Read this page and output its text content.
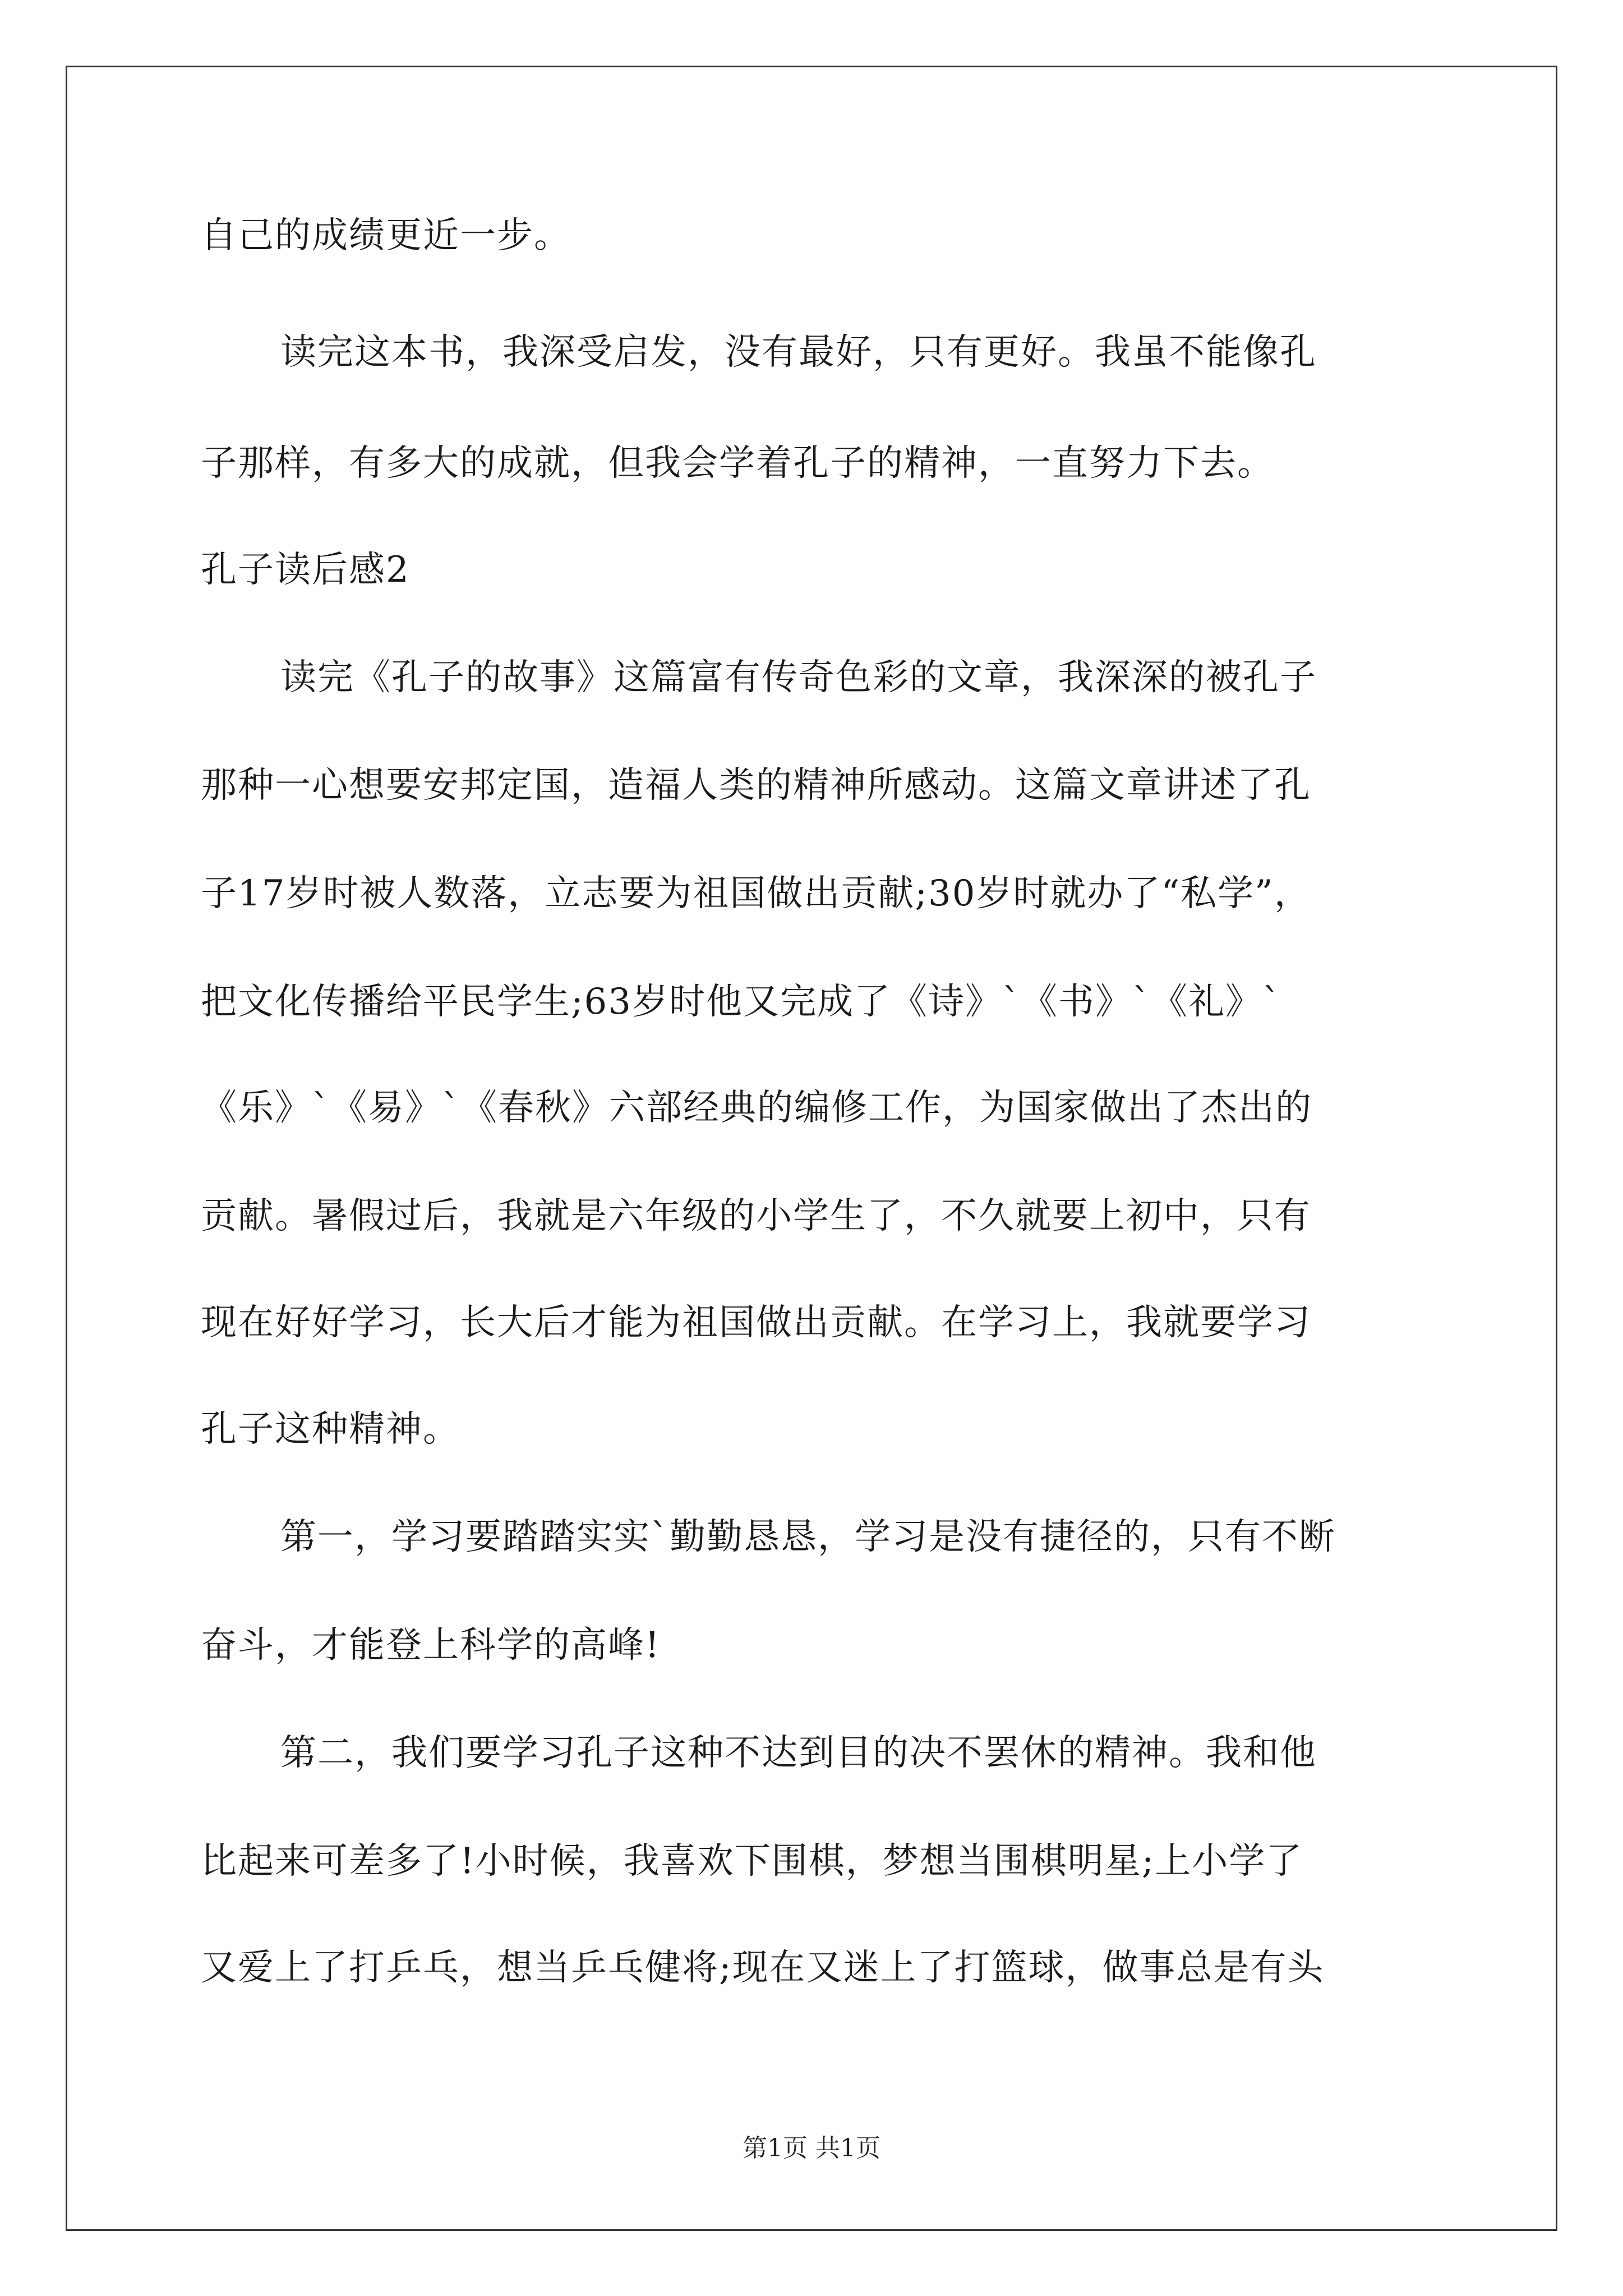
自己的成绩更近一步。
读完这本书，我深受启发，没有最好，只有更好。我虽不能像孔
子那样，有多大的成就，但我会学着孔子的精神，一直努力下去。
孔子读后感2
读完《孔子的故事》这篇富有传奇色彩的文章，我深深的被孔子
那种一心想要安邦定国，造福人类的精神所感动。这篇文章讲述了孔
子17岁时被人数落，立志要为祖国做出贡献;30岁时就办了“私学”，
把文化传播给平民学生;63岁时他又完成了《诗》`《书》`《礼》`
《乐》`《易》`《春秋》六部经典的编修工作，为国家做出了杰出的
贡献。暑假过后，我就是六年级的小学生了，不久就要上初中，只有
现在好好学习，长大后才能为祖国做出贡献。在学习上，我就要学习
孔子这种精神。
第一，学习要踏踏实实`勤勤恳恳，学习是没有捷径的，只有不断
奋斗，才能登上科学的高峰!
第二，我们要学习孔子这种不达到目的决不罢休的精神。我和他
比起来可差多了!小时候，我喜欢下围棋，梦想当围棋明星;上小学了
又爱上了打乒乓，想当乒乓健将;现在又迷上了打篮球，做事总是有头
第1页 共1页
